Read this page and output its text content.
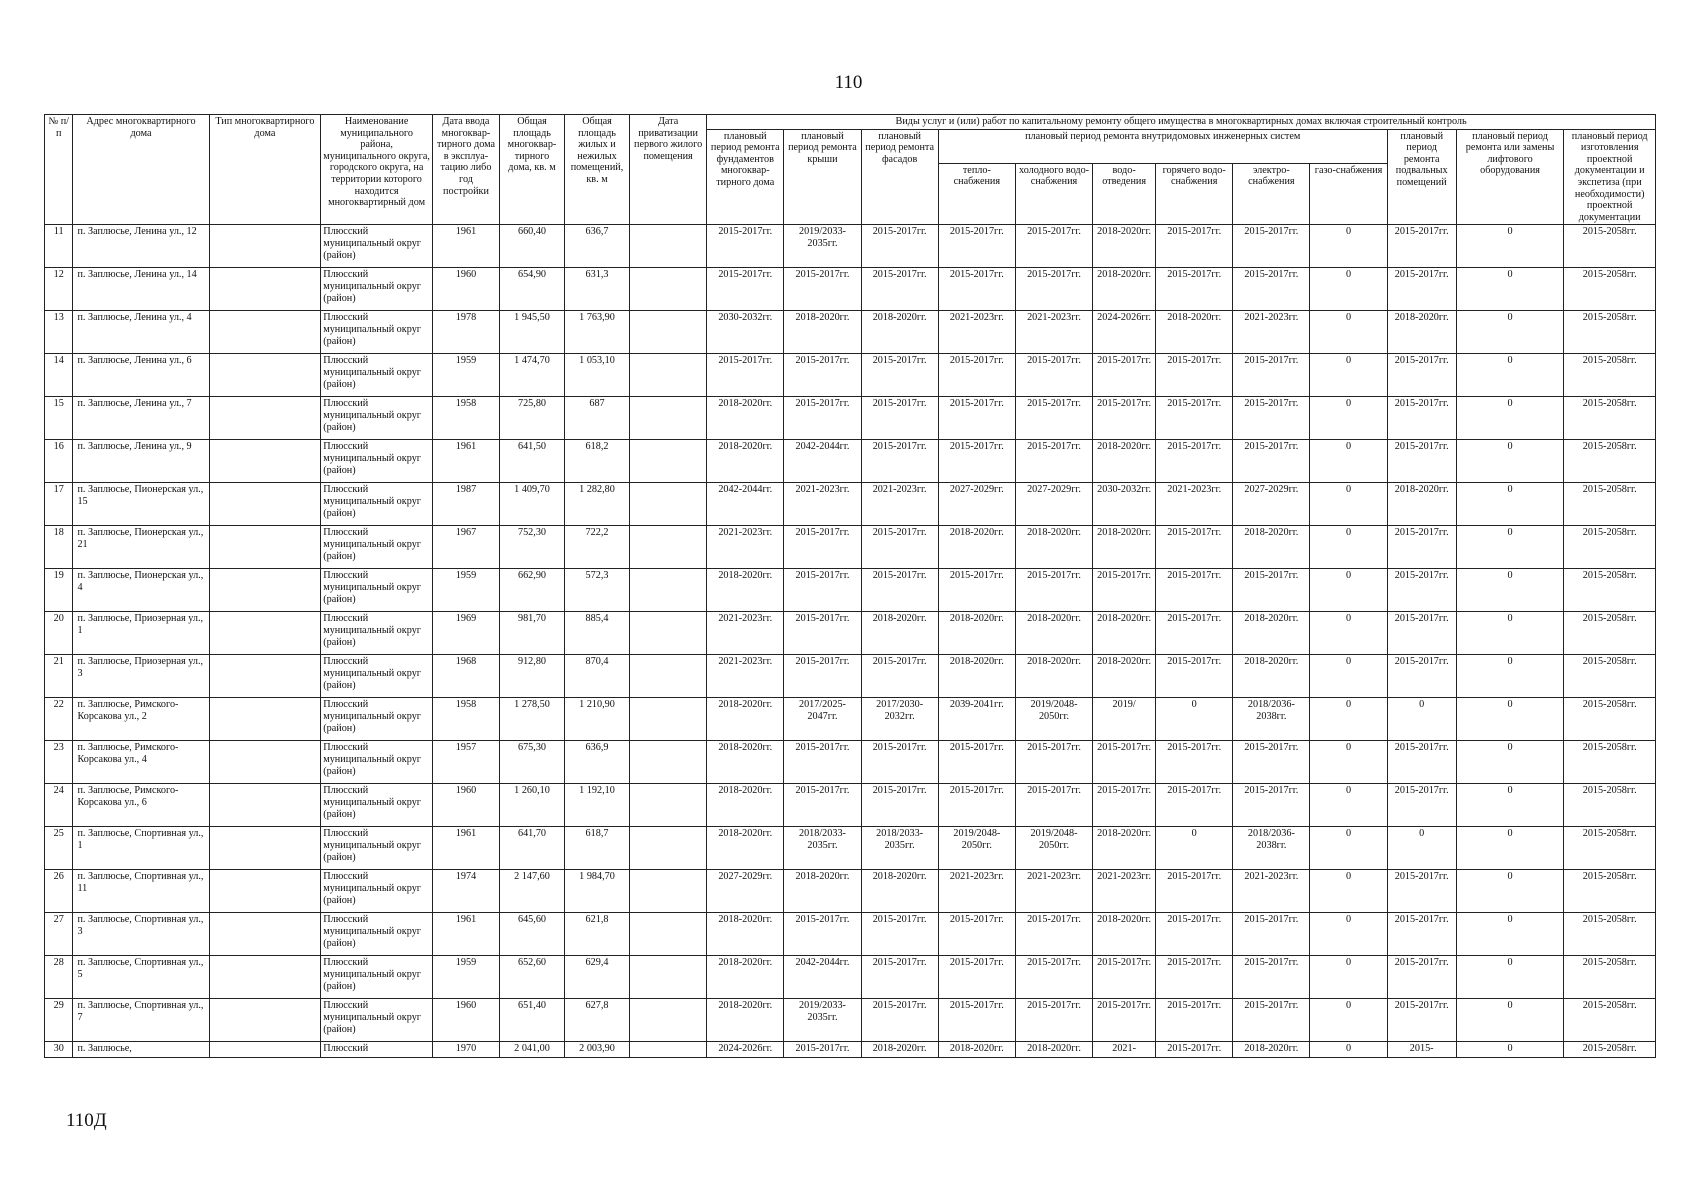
110
№ п/п	Адрес многоквартирного дома	Тип многоквартирного дома	Наименование муниципального района, муниципального округа, городского округа, на территории которого находится многоквартирный дом	Дата ввода многоквар-тирного дома в эксплуа-тацию либо год постройки	Общая площадь многоквар-тирного дома, кв. м	Общая площадь жилых и нежилых помещений, кв. м	Дата приватизации первого жилого помещения	Виды услуг и (или) работ по капитальному ремонту общего имущества в многоквартирных домах включая строительный контроль											
								плановый период ремонта фундаментов многоквар-тирного дома	плановый период ремонта крыши	плановый период ремонта фасадов	плановый период ремонта внутридомовых инженерных систем						плановый период ремонта подвальных помещений	плановый период ремонта или замены лифтового оборудования	плановый период изготовления проектной документации и экспетиза (при необходимости) проектной документации
											тепло-снабжения	холодного водо-снабжения	водо-отведения	горячего водо-снабжения	электро-снабжения	газо-снабжения			
11	п. Заплюсье, Ленина ул., 12		Плюсский муниципальный округ (район)	1961	660,40	636,7		2015-2017гг.	2019/2033-2035гг.	2015-2017гг.	2015-2017гг.	2015-2017гг.	2018-2020гг.	2015-2017гг.	2015-2017гг.	0	2015-2017гг.	0	2015-2058гг.
12	п. Заплюсье, Ленина ул., 14		Плюсский муниципальный округ (район)	1960	654,90	631,3		2015-2017гг.	2015-2017гг.	2015-2017гг.	2015-2017гг.	2015-2017гг.	2018-2020гг.	2015-2017гг.	2015-2017гг.	0	2015-2017гг.	0	2015-2058гг.
13	п. Заплюсье, Ленина ул., 4		Плюсский муниципальный округ (район)	1978	1 945,50	1 763,90		2030-2032гг.	2018-2020гг.	2018-2020гг.	2021-2023гг.	2021-2023гг.	2024-2026гг.	2018-2020гг.	2021-2023гг.	0	2018-2020гг.	0	2015-2058гг.
14	п. Заплюсье, Ленина ул., 6		Плюсский муниципальный округ (район)	1959	1 474,70	1 053,10		2015-2017гг.	2015-2017гг.	2015-2017гг.	2015-2017гг.	2015-2017гг.	2015-2017гг.	2015-2017гг.	2015-2017гг.	0	2015-2017гг.	0	2015-2058гг.
15	п. Заплюсье, Ленина ул., 7		Плюсский муниципальный округ (район)	1958	725,80	687		2018-2020гг.	2015-2017гг.	2015-2017гг.	2015-2017гг.	2015-2017гг.	2015-2017гг.	2015-2017гг.	2015-2017гг.	0	2015-2017гг.	0	2015-2058гг.
16	п. Заплюсье, Ленина ул., 9		Плюсский муниципальный округ (район)	1961	641,50	618,2		2018-2020гг.	2042-2044гг.	2015-2017гг.	2015-2017гг.	2015-2017гг.	2018-2020гг.	2015-2017гг.	2015-2017гг.	0	2015-2017гг.	0	2015-2058гг.
17	п. Заплюсье, Пионерская ул., 15		Плюсский муниципальный округ (район)	1987	1 409,70	1 282,80		2042-2044гг.	2021-2023гг.	2021-2023гг.	2027-2029гг.	2027-2029гг.	2030-2032гг.	2021-2023гг.	2027-2029гг.	0	2018-2020гг.	0	2015-2058гг.
18	п. Заплюсье, Пионерская ул., 21		Плюсский муниципальный округ (район)	1967	752,30	722,2		2021-2023гг.	2015-2017гг.	2015-2017гг.	2018-2020гг.	2018-2020гг.	2018-2020гг.	2015-2017гг.	2018-2020гг.	0	2015-2017гг.	0	2015-2058гг.
19	п. Заплюсье, Пионерская ул., 4		Плюсский муниципальный округ (район)	1959	662,90	572,3		2018-2020гг.	2015-2017гг.	2015-2017гг.	2015-2017гг.	2015-2017гг.	2015-2017гг.	2015-2017гг.	2015-2017гг.	0	2015-2017гг.	0	2015-2058гг.
20	п. Заплюсье, Приозерная ул., 1		Плюсский муниципальный округ (район)	1969	981,70	885,4		2021-2023гг.	2015-2017гг.	2018-2020гг.	2018-2020гг.	2018-2020гг.	2018-2020гг.	2015-2017гг.	2018-2020гг.	0	2015-2017гг.	0	2015-2058гг.
21	п. Заплюсье, Приозерная ул., 3		Плюсский муниципальный округ (район)	1968	912,80	870,4		2021-2023гг.	2015-2017гг.	2015-2017гг.	2018-2020гг.	2018-2020гг.	2018-2020гг.	2015-2017гг.	2018-2020гг.	0	2015-2017гг.	0	2015-2058гг.
22	п. Заплюсье, Римского-Корсакова ул., 2		Плюсский муниципальный округ (район)	1958	1 278,50	1 210,90		2018-2020гг.	2017/2025-2047гг.	2017/2030-2032гг.	2039-2041гг.	2019/2048-2050гг.	2019/	0	2018/2036-2038гг.	0	0	0	2015-2058гг.
23	п. Заплюсье, Римского-Корсакова ул., 4		Плюсский муниципальный округ (район)	1957	675,30	636,9		2018-2020гг.	2015-2017гг.	2015-2017гг.	2015-2017гг.	2015-2017гг.	2015-2017гг.	2015-2017гг.	2015-2017гг.	0	2015-2017гг.	0	2015-2058гг.
24	п. Заплюсье, Римского-Корсакова ул., 6		Плюсский муниципальный округ (район)	1960	1 260,10	1 192,10		2018-2020гг.	2015-2017гг.	2015-2017гг.	2015-2017гг.	2015-2017гг.	2015-2017гг.	2015-2017гг.	2015-2017гг.	0	2015-2017гг.	0	2015-2058гг.
25	п. Заплюсье, Спортивная ул., 1		Плюсский муниципальный округ (район)	1961	641,70	618,7		2018-2020гг.	2018/2033-2035гг.	2018/2033-2035гг.	2019/2048-2050гг.	2019/2048-2050гг.	2018-2020гг.	0	2018/2036-2038гг.	0	0	0	2015-2058гг.
26	п. Заплюсье, Спортивная ул., 11		Плюсский муниципальный округ (район)	1974	2 147,60	1 984,70		2027-2029гг.	2018-2020гг.	2018-2020гг.	2021-2023гг.	2021-2023гг.	2021-2023гг.	2015-2017гг.	2021-2023гг.	0	2015-2017гг.	0	2015-2058гг.
27	п. Заплюсье, Спортивная ул., 3		Плюсский муниципальный округ (район)	1961	645,60	621,8		2018-2020гг.	2015-2017гг.	2015-2017гг.	2015-2017гг.	2015-2017гг.	2018-2020гг.	2015-2017гг.	2015-2017гг.	0	2015-2017гг.	0	2015-2058гг.
28	п. Заплюсье, Спортивная ул., 5		Плюсский муниципальный округ (район)	1959	652,60	629,4		2018-2020гг.	2042-2044гг.	2015-2017гг.	2015-2017гг.	2015-2017гг.	2015-2017гг.	2015-2017гг.	2015-2017гг.	0	2015-2017гг.	0	2015-2058гг.
29	п. Заплюсье, Спортивная ул., 7		Плюсский муниципальный округ (район)	1960	651,40	627,8		2018-2020гг.	2019/2033-2035гг.	2015-2017гг.	2015-2017гг.	2015-2017гг.	2015-2017гг.	2015-2017гг.	2015-2017гг.	0	2015-2017гг.	0	2015-2058гг.
30	п. Заплюсье,		Плюсский	1970	2 041,00	2 003,90		2024-2026гг.	2015-2017гг.	2018-2020гг.	2018-2020гг.	2018-2020гг.	2021-	2015-2017гг.	2018-2020гг.	0	2015-	0	2015-2058гг.
110Д
